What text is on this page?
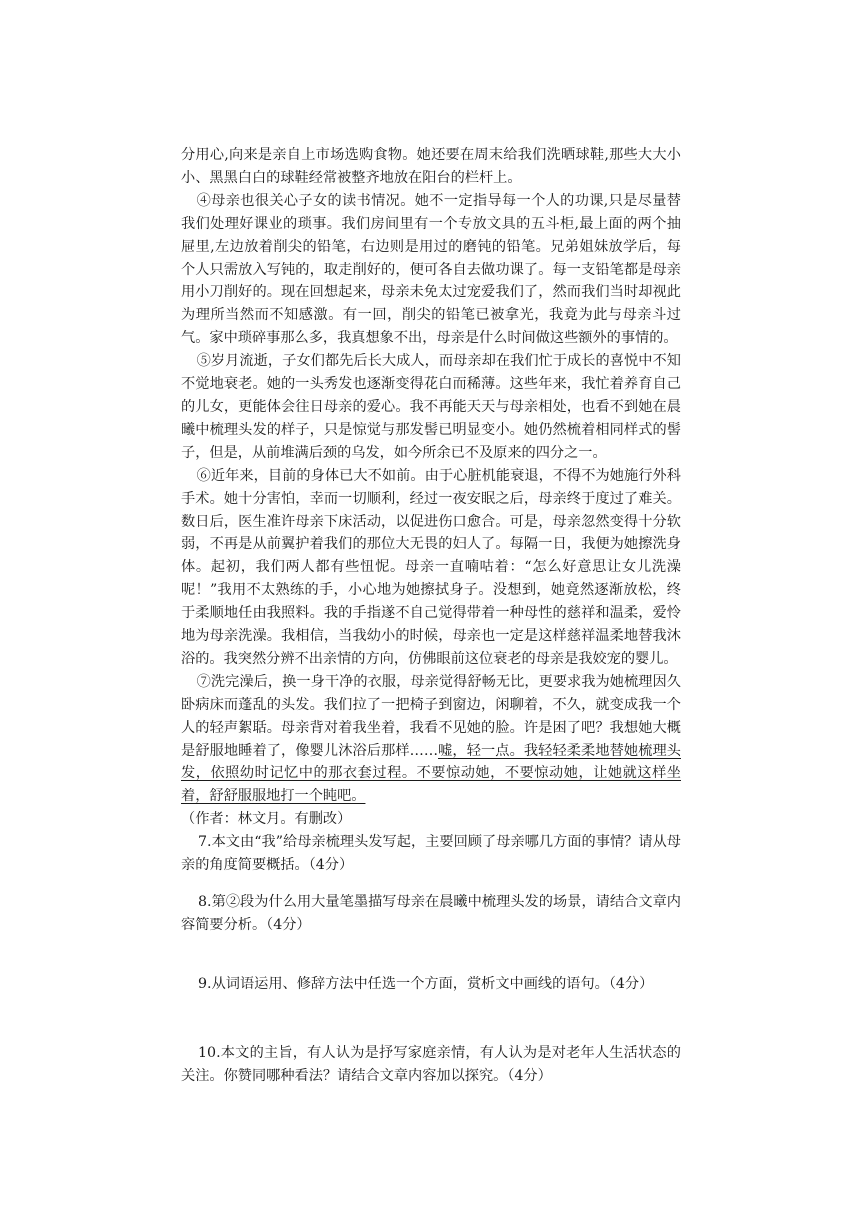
分用心,向来是亲自上市场选购食物。她还要在周末给我们洗晒球鞋,那些大大小小、黑黑白白的球鞋经常被整齐地放在阳台的栏杆上。

④母亲也很关心子女的读书情况。她不一定指导每一个人的功课,只是尽量替我们处理好课业的琐事。我们房间里有一个专放文具的五斗柜,最上面的两个抽屉里,左边放着削尖的铅笔，右边则是用过的磨钝的铅笔。兄弟姐妹放学后，每个人只需放入写钝的，取走削好的，便可各自去做功课了。每一支铅笔都是母亲用小刀削好的。现在回想起来，母亲未免太过宠爱我们了，然而我们当时却视此为理所当然而不知感激。有一回，削尖的铅笔已被拿光，我竟为此与母亲斗过气。家中琐碎事那么多，我真想象不出，母亲是什么时间做这些额外的事情的。

⑤岁月流逝，子女们都先后长大成人，而母亲却在我们忙于成长的喜悦中不知不觉地衰老。她的一头秀发也逐渐变得花白而稀薄。这些年来，我忙着养育自己的儿女，更能体会往日母亲的爱心。我不再能天天与母亲相处，也看不到她在晨曦中梳理头发的样子，只是惊觉与那发髻已明显变小。她仍然梳着相同样式的髻子，但是，从前堆满后颈的乌发，如今所余已不及原来的四分之一。

⑥近年来，目前的身体已大不如前。由于心脏机能衰退，不得不为她施行外科手术。她十分害怕，幸而一切顺利，经过一夜安眠之后，母亲终于度过了难关。数日后，医生准许母亲下床活动，以促进伤口愈合。可是，母亲忽然变得十分软弱，不再是从前翼护着我们的那位大无畏的妇人了。每隔一日，我便为她擦洗身体。起初，我们两人都有些忸怩。母亲一直喃咕着：“怎么好意思让女儿洗澡呢！”我用不太熟练的手，小心地为她擦拭身子。没想到，她竟然逐渐放松，终于柔顺地任由我照料。我的手指遂不自己觉得带着一种母性的慈祥和温柔，爱怜地为母亲洗澡。我相信，当我幼小的时候，母亲也一定是这样慈祥温柔地替我沐浴的。我突然分辨不出亲情的方向，仿佛眼前这位衰老的母亲是我姣宠的婴儿。

⑦洗完澡后，换一身干净的衣服，母亲觉得舒畅无比，更要求我为她梳理因久卧病床而蓬乱的头发。我们拉了一把椅子到窗边，闲聊着，不久，就变成我一个人的轻声絮聒。母亲背对着我坐着，我看不见她的脸。许是困了吧？我想她大概是舒服地睡着了，像婴儿沐浴后那样……嘘，轻一点。我轻轻柔柔地替她梳理头发，依照幼时记忆中的那衣套过程。不要惊动她，不要惊动她，让她就这样坐着，舒舒服服地打一个盹吧。

（作者：林文月。有删改）

7.本文由“我”给母亲梳理头发写起，主要回顾了母亲哪几方面的事情？请从母亲的角度简要概括。（4分）

8.第②段为什么用大量笔墨描写母亲在晨曦中梳理头发的场景，请结合文章内容简要分析。（4分）

9.从词语运用、修辞方法中任选一个方面，赏析文中画线的语句。（4分）

10.本文的主旨，有人认为是抒写家庭亲情，有人认为是对老年人生活状态的关注。你赞同哪种看法？请结合文章内容加以探究。（4分）
